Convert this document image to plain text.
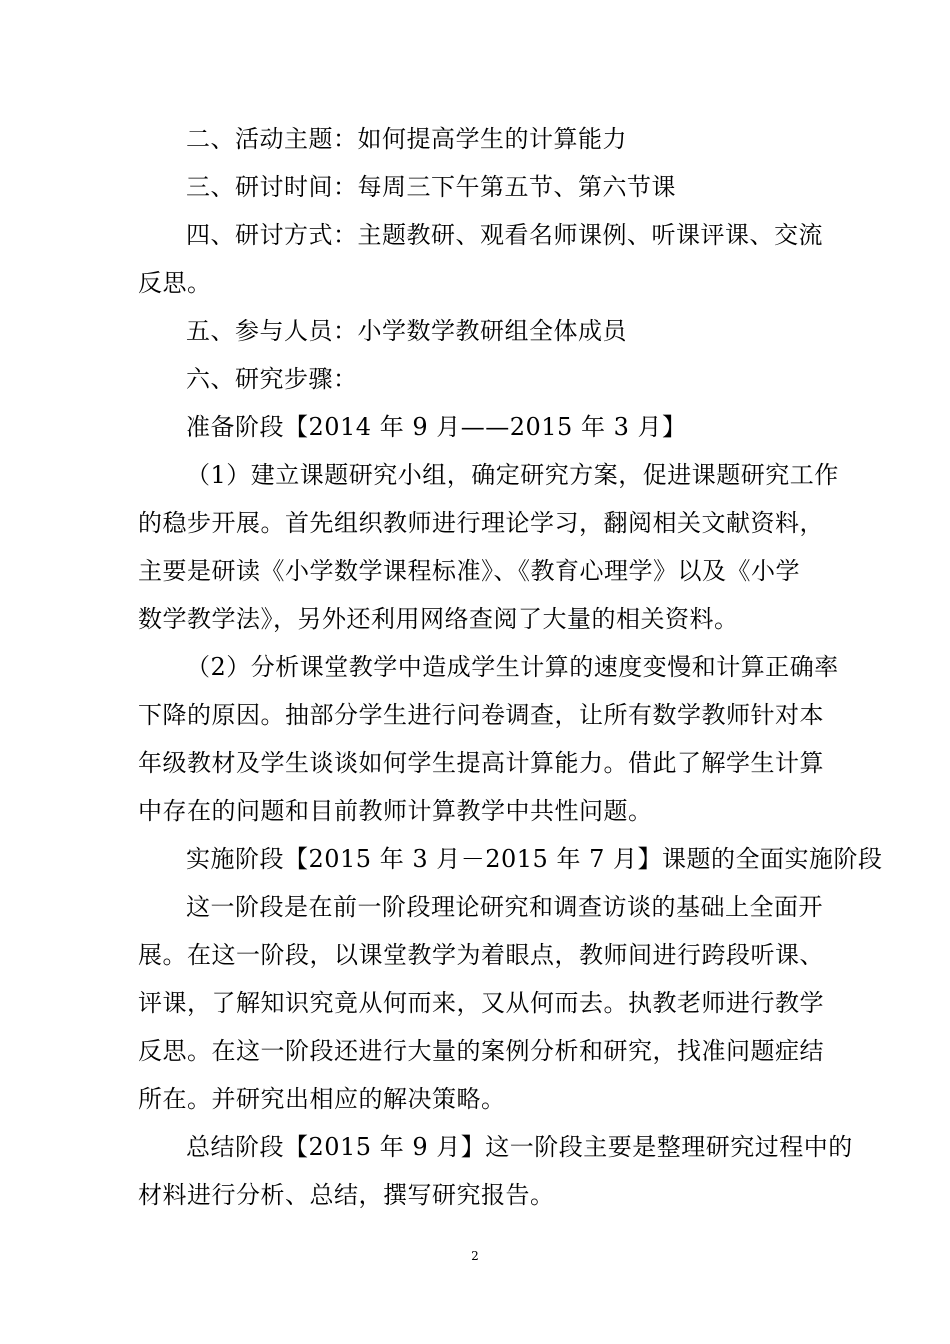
二、活动主题：如何提高学生的计算能力
三、研讨时间：每周三下午第五节、第六节课
四、研讨方式：主题教研、观看名师课例、听课评课、交流
反思。
五、参与人员：小学数学教研组全体成员
六、研究步骤：
准备阶段【2014 年 9 月——2015 年 3 月】
（1）建立课题研究小组，确定研究方案，促进课题研究工作
的稳步开展。首先组织教师进行理论学习，翻阅相关文献资料，
主要是研读《小学数学课程标准》、《教育心理学》以及《小学
数学教学法》，另外还利用网络查阅了大量的相关资料。
（2）分析课堂教学中造成学生计算的速度变慢和计算正确率
下降的原因。抽部分学生进行问卷调查，让所有数学教师针对本
年级教材及学生谈谈如何学生提高计算能力。借此了解学生计算
中存在的问题和目前教师计算教学中共性问题。
实施阶段【2015 年 3 月－2015 年 7 月】课题的全面实施阶段
这一阶段是在前一阶段理论研究和调查访谈的基础上全面开
展。在这一阶段，以课堂教学为着眼点，教师间进行跨段听课、
评课，了解知识究竟从何而来，又从何而去。执教老师进行教学
反思。在这一阶段还进行大量的案例分析和研究，找准问题症结
所在。并研究出相应的解决策略。
总结阶段【2015 年 9 月】这一阶段主要是整理研究过程中的
材料进行分析、总结，撰写研究报告。
2
